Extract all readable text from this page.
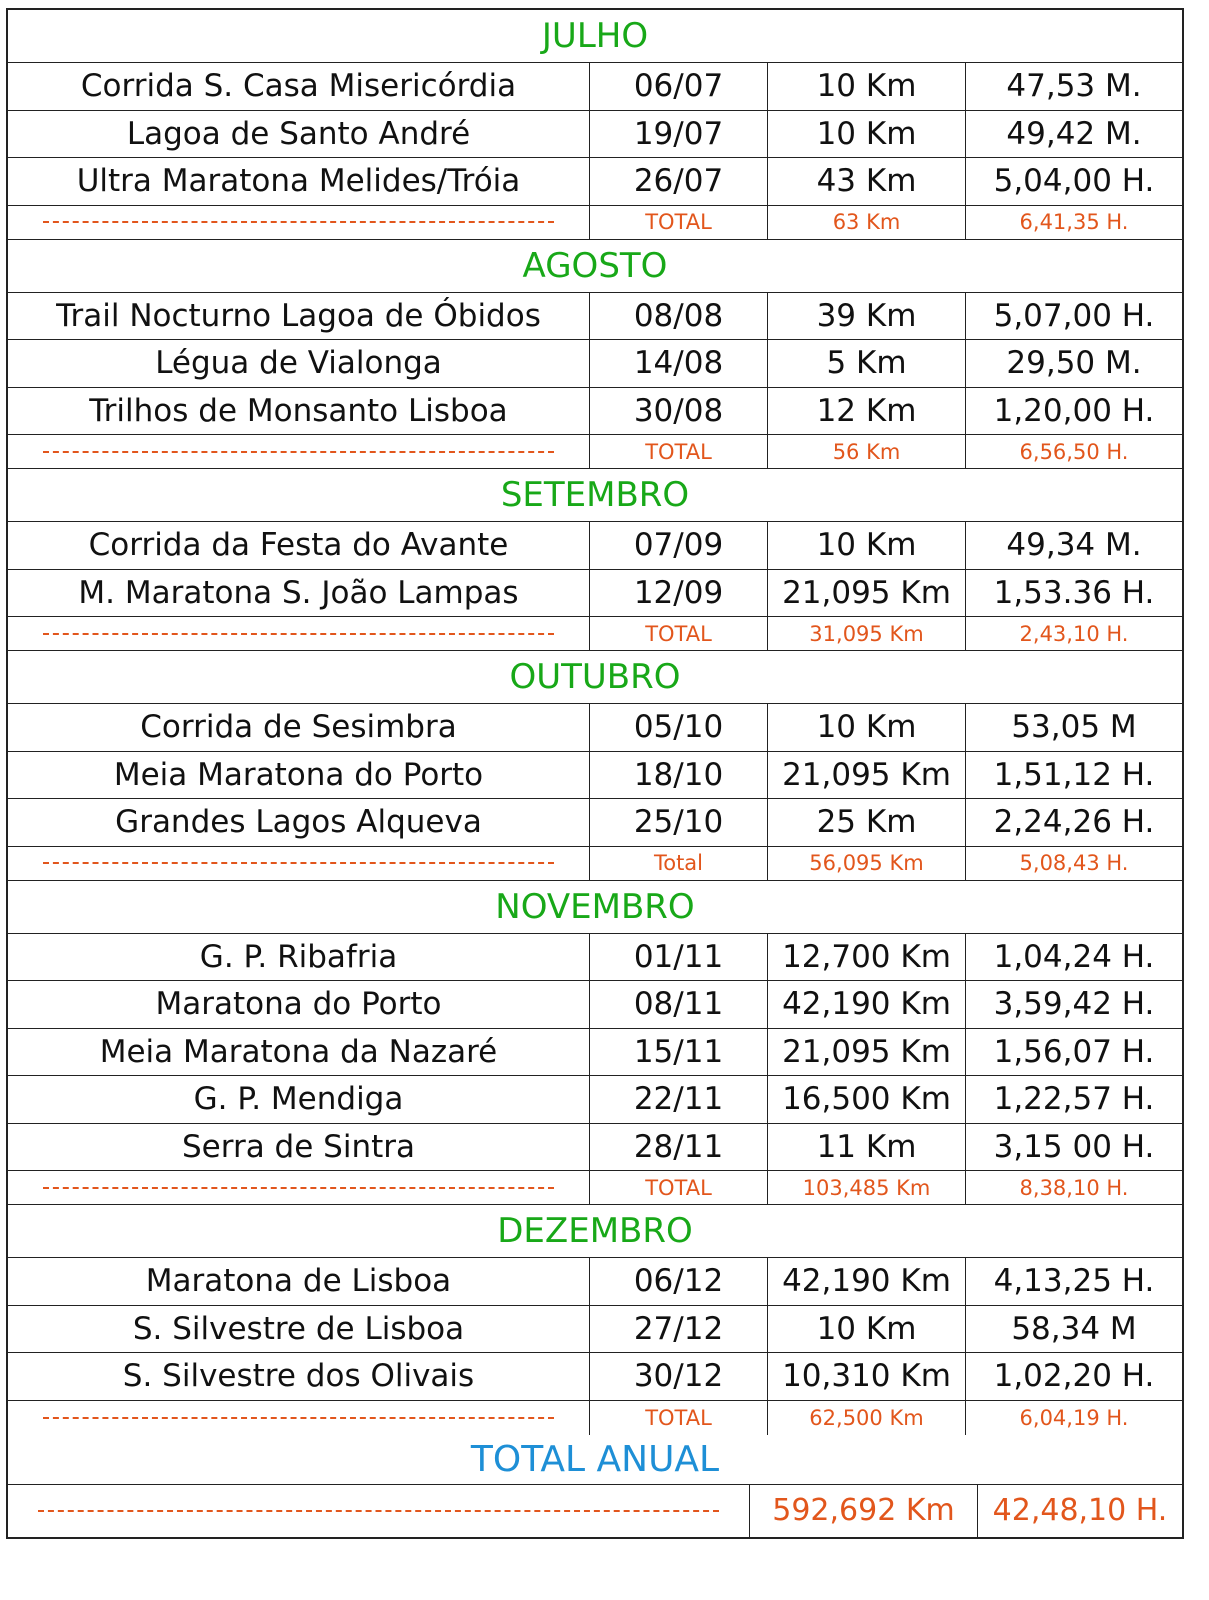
JULHO
Corrida S. Casa Misericórdia	06/07	10 Km	47,53 M.
Lagoa de Santo André	19/07	10 Km	49,42 M.
Ultra Maratona Melides/Tróia	26/07	43 Km	5,04,00 H.
TOTAL	63 Km	6,41,35 H.
AGOSTO
Trail Nocturno Lagoa de Óbidos	08/08	39 Km	5,07,00 H.
Légua de Vialonga	14/08	5 Km	29,50 M.
Trilhos de Monsanto Lisboa	30/08	12 Km	1,20,00 H.
TOTAL	56 Km	6,56,50 H.
SETEMBRO
Corrida da Festa do Avante	07/09	10 Km	49,34 M.
M. Maratona S. João Lampas	12/09	21,095 Km	1,53.36 H.
TOTAL	31,095 Km	2,43,10 H.
OUTUBRO
Corrida de Sesimbra	05/10	10 Km	53,05 M
Meia Maratona do Porto	18/10	21,095 Km	1,51,12 H.
Grandes Lagos Alqueva	25/10	25 Km	2,24,26 H.
Total	56,095 Km	5,08,43 H.
NOVEMBRO
G. P. Ribafria	01/11	12,700 Km	1,04,24 H.
Maratona do Porto	08/11	42,190 Km	3,59,42 H.
Meia Maratona da Nazaré	15/11	21,095 Km	1,56,07 H.
G. P. Mendiga	22/11	16,500 Km	1,22,57 H.
Serra de Sintra	28/11	11 Km	3,15 00 H.
TOTAL	103,485 Km	8,38,10 H.
DEZEMBRO
Maratona de Lisboa	06/12	42,190 Km	4,13,25 H.
S. Silvestre de Lisboa	27/12	10 Km	58,34 M
S. Silvestre dos Olivais	30/12	10,310 Km	1,02,20 H.
TOTAL	62,500 Km	6,04,19 H.
TOTAL ANUAL
592,692 Km	42,48,10 H.
